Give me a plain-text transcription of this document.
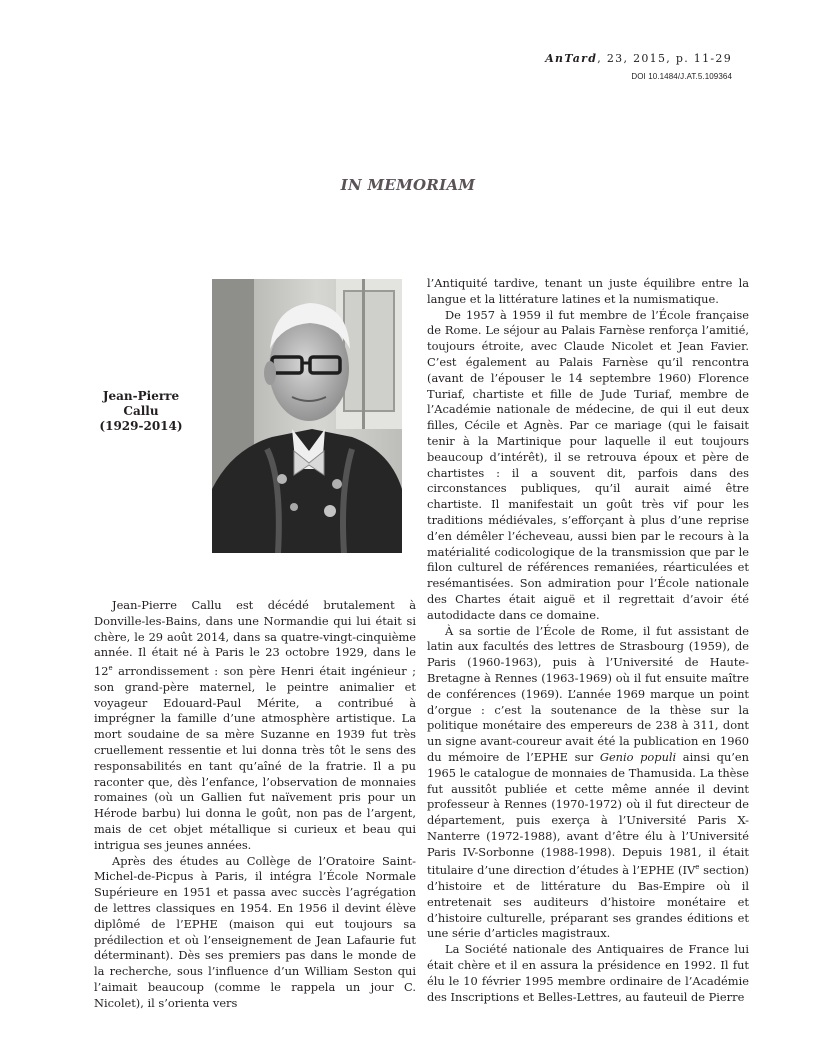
AnTard, 23, 2015, p. 11-29
DOI 10.1484/J.AT.5.109364
IN MEMORIAM
Jean-Pierre
Callu
(1929-2014)

Jean-Pierre Callu est décédé brutalement à Donville-les-Bains, dans une Normandie qui lui était si chère, le 29 août 2014, dans sa quatre-vingt-cinquième année. Il était né à Paris le 23 octobre 1929, dans le 12e arrondissement : son père Henri était ingénieur ; son grand-père maternel, le peintre animalier et voyageur Edouard-Paul Mérite, a contribué à imprégner la famille d’une atmosphère artistique. La mort soudaine de sa mère Suzanne en 1939 fut très cruellement ressentie et lui donna très tôt le sens des responsabilités en tant qu’aîné de la fratrie. Il a pu raconter que, dès l’enfance, l’observation de monnaies romaines (où un Gallien fut naïvement pris pour un Hérode barbu) lui donna le goût, non pas de l’argent, mais de cet objet métallique si curieux et beau qui intrigua ses jeunes années.

Après des études au Collège de l’Oratoire Saint-Michel-de-Picpus à Paris, il intégra l’École Normale Supérieure en 1951 et passa avec succès l’agrégation de lettres classiques en 1954. En 1956 il devint élève diplômé de l’EPHE (maison qui eut toujours sa prédilection et où l’enseignement de Jean Lafaurie fut déterminant). Dès ses premiers pas dans le monde de la recherche, sous l’influence d’un William Seston qui l’aimait beaucoup (comme le rappela un jour C. Nicolet), il s’orienta vers

l’Antiquité tardive, tenant un juste équilibre entre la langue et la littérature latines et la numismatique.

De 1957 à 1959 il fut membre de l’École française de Rome. Le séjour au Palais Farnèse renforça l’amitié, toujours étroite, avec Claude Nicolet et Jean Favier. C’est également au Palais Farnèse qu’il rencontra (avant de l’épouser le 14 septembre 1960) Florence Turiaf, chartiste et fille de Jude Turiaf, membre de l’Académie nationale de médecine, de qui il eut deux filles, Cécile et Agnès. Par ce mariage (qui le faisait tenir à la Martinique pour laquelle il eut toujours beaucoup d’intérêt), il se retrouva époux et père de chartistes : il a souvent dit, parfois dans des circonstances publiques, qu’il aurait aimé être chartiste. Il manifestait un goût très vif pour les traditions médiévales, s’efforçant à plus d’une reprise d’en démêler l’écheveau, aussi bien par le recours à la matérialité codicologique de la transmission que par le filon culturel de références remaniées, réarticulées et resémantisées. Son admiration pour l’École nationale des Chartes était aiguë et il regrettait d’avoir été autodidacte dans ce domaine.

À sa sortie de l’École de Rome, il fut assistant de latin aux facultés des lettres de Strasbourg (1959), de Paris (1960-1963), puis à l’Université de Haute-Bretagne à Rennes (1963-1969) où il fut ensuite maître de conférences (1969). L’année 1969 marque un point d’orgue : c’est la soutenance de la thèse sur la politique monétaire des empereurs de 238 à 311, dont un signe avant-coureur avait été la publication en 1960 du mémoire de l’EPHE sur Genio populi ainsi qu’en 1965 le catalogue de monnaies de Thamusida. La thèse fut aussitôt publiée et cette même année il devint professeur à Rennes (1970-1972) où il fut directeur de département, puis exerça à l’Université Paris X-Nanterre (1972-1988), avant d’être élu à l’Université Paris IV-Sorbonne (1988-1998). Depuis 1981, il était titulaire d’une direction d’études à l’EPHE (IVe section) d’histoire et de littérature du Bas-Empire où il entretenait ses auditeurs d’histoire monétaire et d’histoire culturelle, préparant ses grandes éditions et une série d’articles magistraux.

La Société nationale des Antiquaires de France lui était chère et il en assura la présidence en 1992. Il fut élu le 10 février 1995 membre ordinaire de l’Académie des Inscriptions et Belles-Lettres, au fauteuil de Pierre
